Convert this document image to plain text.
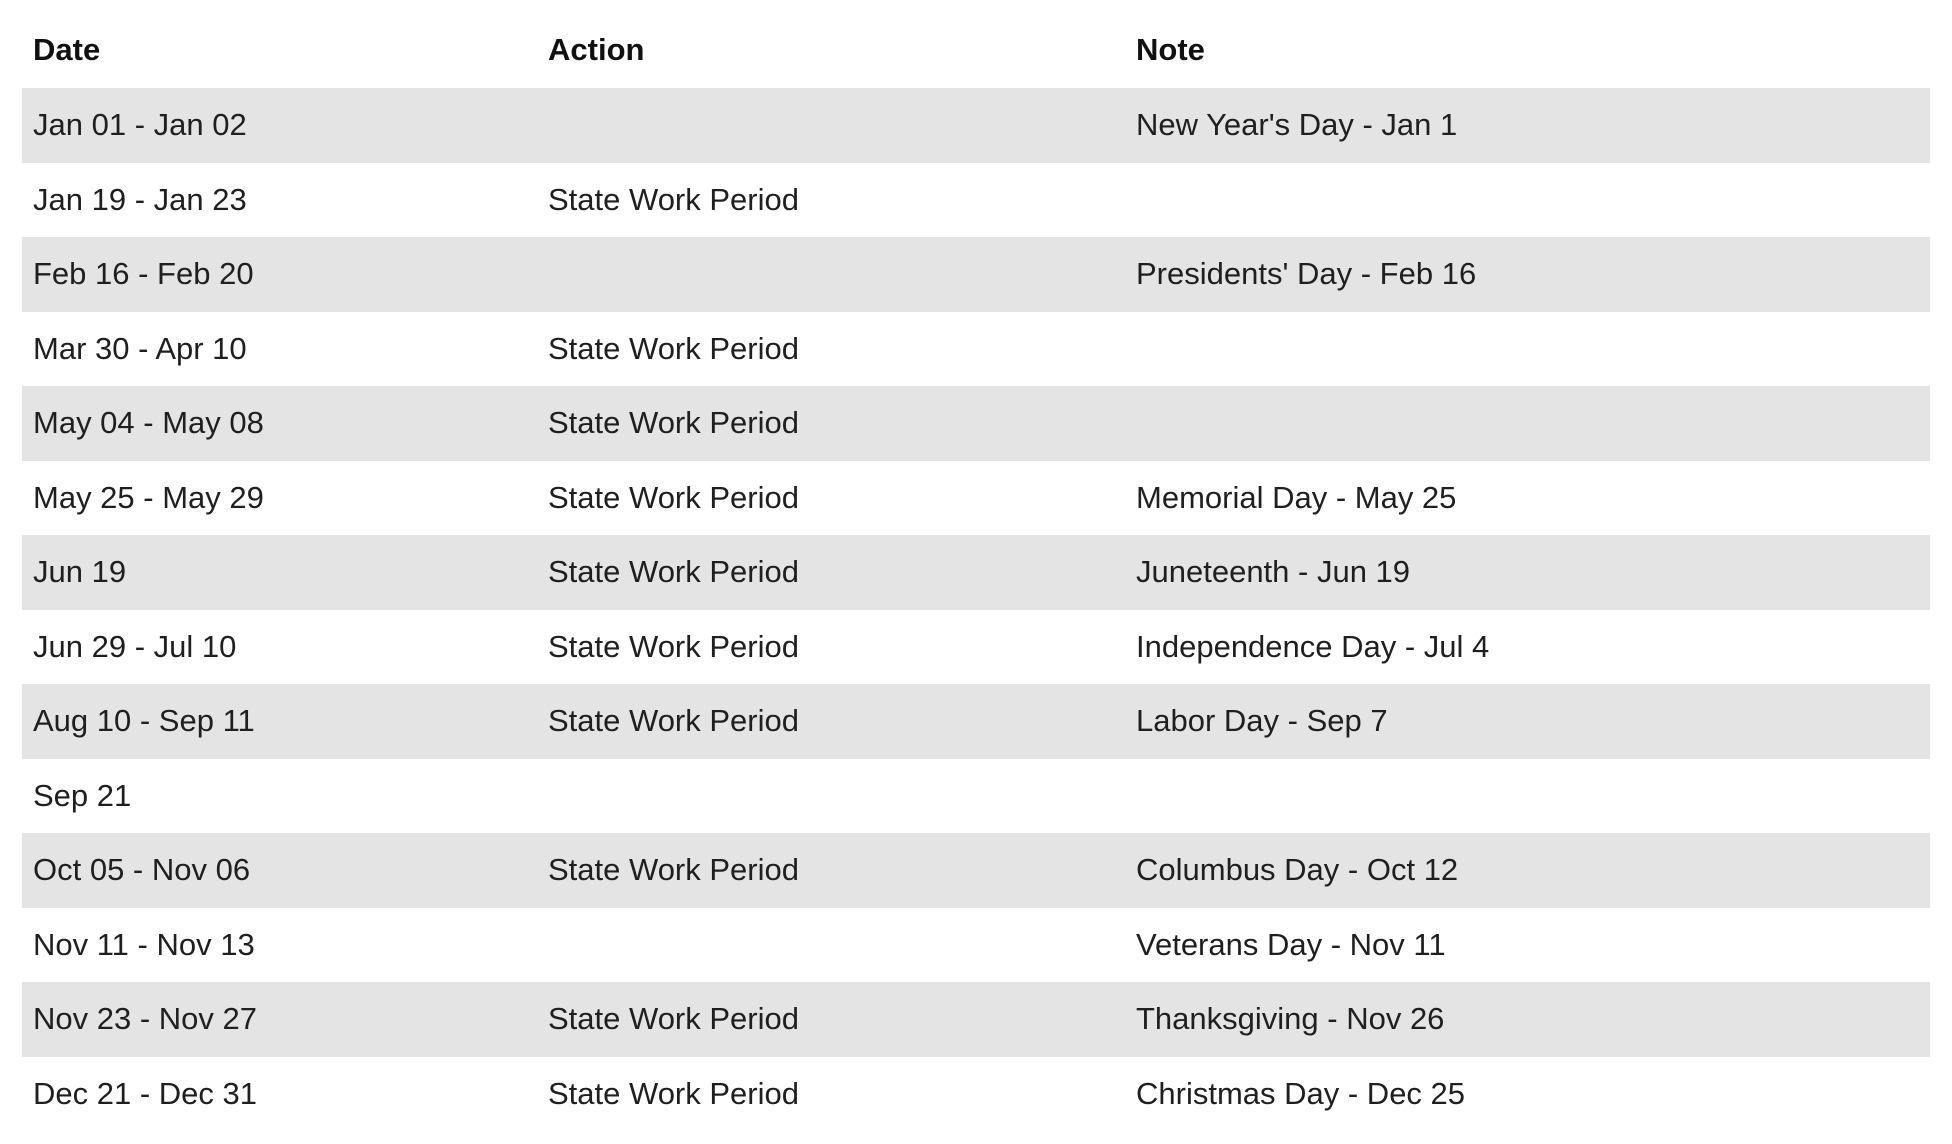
Date	Action	Note
Jan 01 - Jan 02		New Year's Day - Jan 1
Jan 19 - Jan 23	State Work Period	
Feb 16 - Feb 20		Presidents' Day - Feb 16
Mar 30 - Apr 10	State Work Period	
May 04 - May 08	State Work Period	
May 25 - May 29	State Work Period	Memorial Day - May 25
Jun 19	State Work Period	Juneteenth - Jun 19
Jun 29 - Jul 10	State Work Period	Independence Day - Jul 4
Aug 10 - Sep 11	State Work Period	Labor Day - Sep 7
Sep 21		
Oct 05 - Nov 06	State Work Period	Columbus Day - Oct 12
Nov 11 - Nov 13		Veterans Day - Nov 11
Nov 23 - Nov 27	State Work Period	Thanksgiving - Nov 26
Dec 21 - Dec 31	State Work Period	Christmas Day - Dec 25
